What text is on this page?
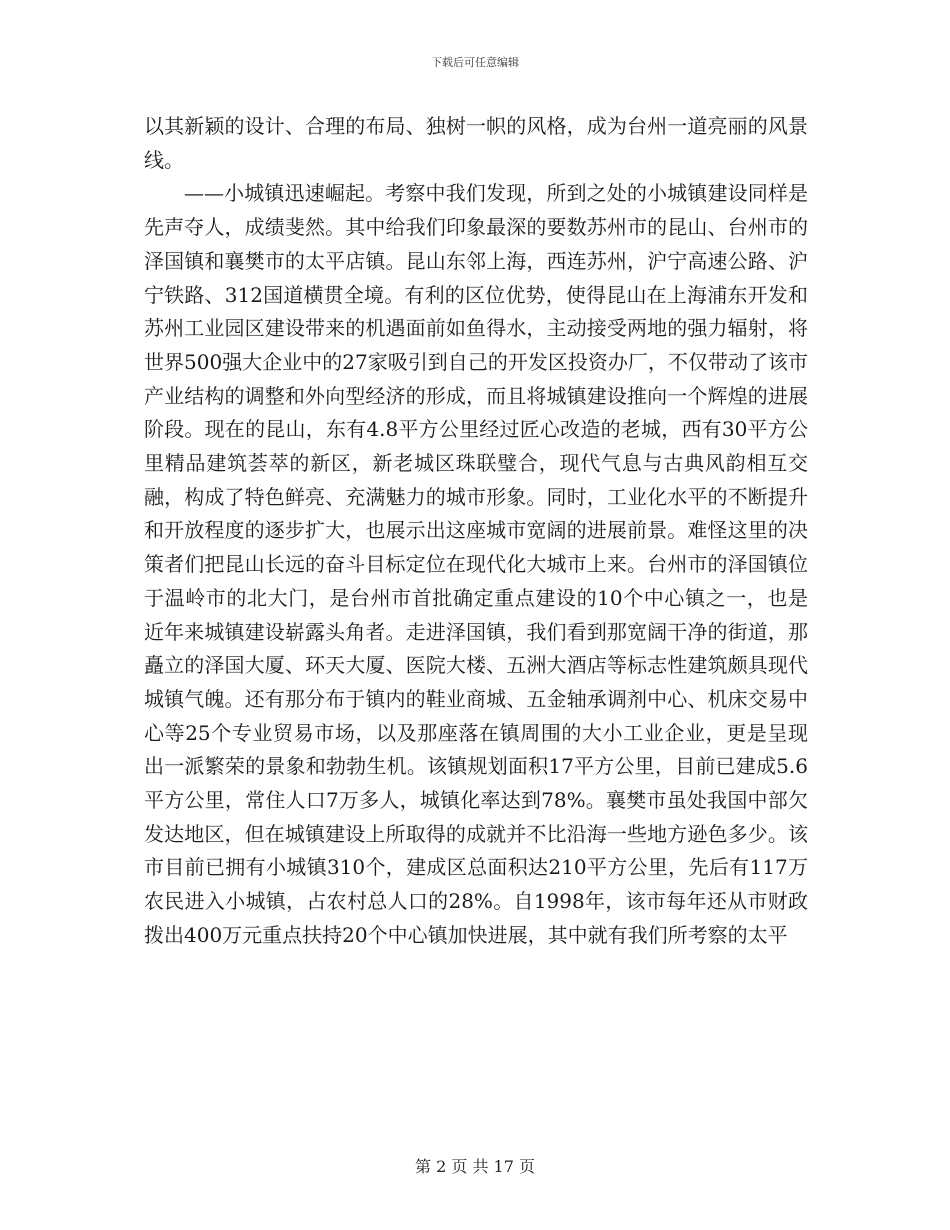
下载后可任意编辑

以其新颖的设计、合理的布局、独树一帜的风格，成为台州一道亮丽的风景线。

——小城镇迅速崛起。考察中我们发现，所到之处的小城镇建设同样是先声夺人，成绩斐然。其中给我们印象最深的要数苏州市的昆山、台州市的泽国镇和襄樊市的太平店镇。昆山东邻上海，西连苏州，沪宁高速公路、沪宁铁路、312国道横贯全境。有利的区位优势，使得昆山在上海浦东开发和苏州工业园区建设带来的机遇面前如鱼得水，主动接受两地的强力辐射，将世界500强大企业中的27家吸引到自己的开发区投资办厂，不仅带动了该市产业结构的调整和外向型经济的形成，而且将城镇建设推向一个辉煌的进展阶段。现在的昆山，东有4.8平方公里经过匠心改造的老城，西有30平方公里精品建筑荟萃的新区，新老城区珠联璧合，现代气息与古典风韵相互交融，构成了特色鲜亮、充满魅力的城市形象。同时，工业化水平的不断提升和开放程度的逐步扩大，也展示出这座城市宽阔的进展前景。难怪这里的决策者们把昆山长远的奋斗目标定位在现代化大城市上来。台州市的泽国镇位于温岭市的北大门，是台州市首批确定重点建设的10个中心镇之一，也是近年来城镇建设崭露头角者。走进泽国镇，我们看到那宽阔干净的街道，那矗立的泽国大厦、环天大厦、医院大楼、五洲大酒店等标志性建筑颇具现代城镇气魄。还有那分布于镇内的鞋业商城、五金轴承调剂中心、机床交易中心等25个专业贸易市场，以及那座落在镇周围的大小工业企业，更是呈现出一派繁荣的景象和勃勃生机。该镇规划面积17平方公里，目前已建成5.6平方公里，常住人口7万多人，城镇化率达到78%。襄樊市虽处我国中部欠发达地区，但在城镇建设上所取得的成就并不比沿海一些地方逊色多少。该市目前已拥有小城镇310个，建成区总面积达210平方公里，先后有117万农民进入小城镇，占农村总人口的28%。自1998年，该市每年还从市财政拨出400万元重点扶持20个中心镇加快进展，其中就有我们所考察的太平

第 2 页 共 17 页
